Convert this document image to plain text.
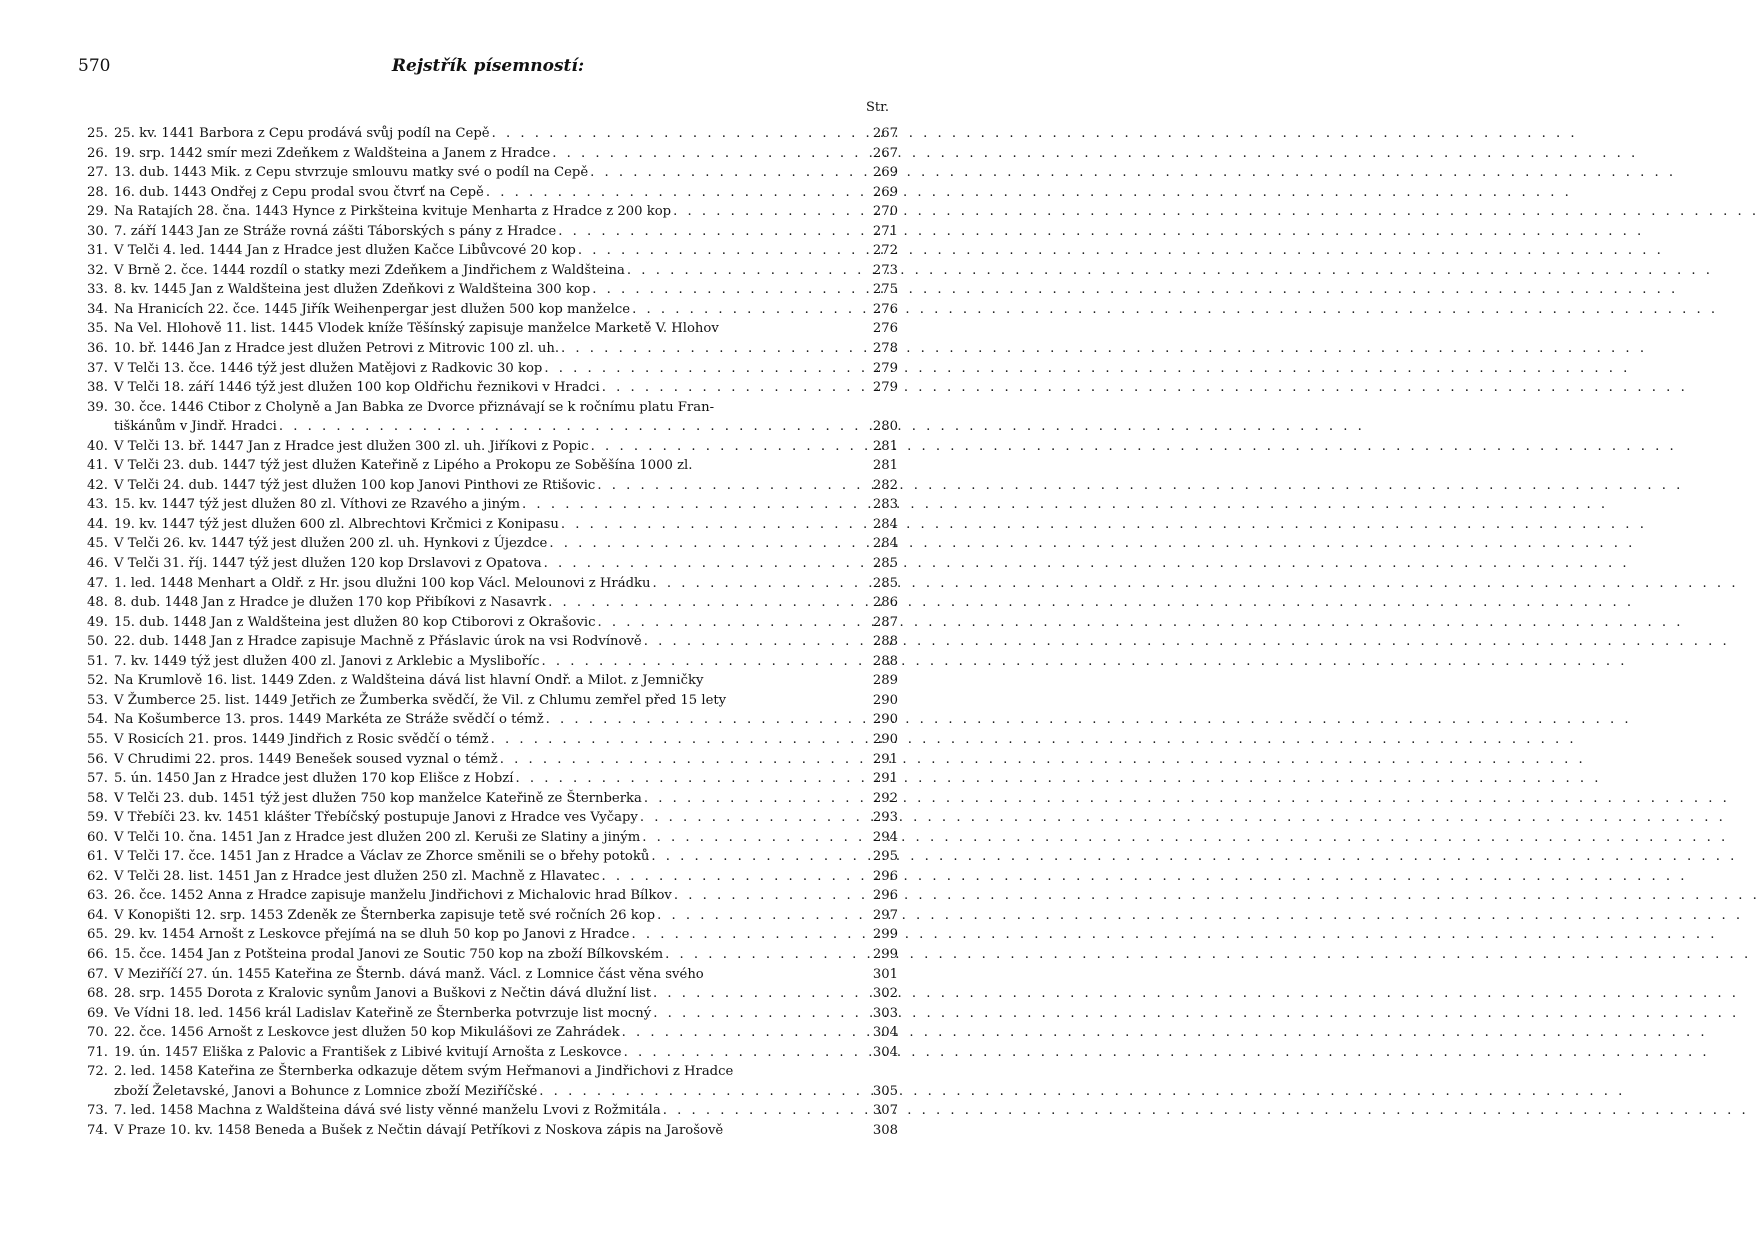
570	Rejstřík písemností:
Str.
25. 25. kv. 1441 Barbora z Cepu prodává svůj podíl na Cepě . . .	267
26. 19. srp. 1442 smír mezi Zdeňkem z Waldšteina a Janem z Hradce . . .	267
27. 13. dub. 1443 Mik. z Cepu stvrzuje smlouvu matky své o podíl na Cepě . . .	269
28. 16. dub. 1443 Ondřej z Cepu prodal svou čtvrť na Cepě . . .	269
29. Na Ratajích 28. čna. 1443 Hynce z Pirkšteina kvituje Menharta z Hradce z 200 kop . . .	270
30. 7. září 1443 Jan ze Stráže rovná zášti Táborských s pány z Hradce . . .	271
31. V Telči 4. led. 1444 Jan z Hradce jest dlužen Kačce Libůvcové 20 kop . . .	272
32. V Brně 2. čce. 1444 rozdíl o statky mezi Zdeňkem a Jindřichem z Waldšteina . . .	273
33. 8. kv. 1445 Jan z Waldšteina jest dlužen Zdeňkovi z Waldšteina 300 kop . . .	275
34. Na Hranicích 22. čce. 1445 Jiřík Weihenpergar jest dlužen 500 kop manželce . . .	276
35. Na Vel. Hlohově 11. list. 1445 Vlodek kníže Těšínský zapisuje manželce Marketě V. Hlohov	276
36. 10. bř. 1446 Jan z Hradce jest dlužen Petrovi z Mitrovic 100 zl. uh. . . .	278
37. V Telči 13. čce. 1446 týž jest dlužen Matějovi z Radkovic 30 kop . . .	279
38. V Telči 18. září 1446 týž jest dlužen 100 kop Oldřichu řeznikovi v Hradci . . .	279
39. 30. čce. 1446 Ctibor z Cholyně a Jan Babka ze Dvorce přiznávají se k ročnímu platu Fran-
tiškánům v Jindř. Hradci . . .	280
40. V Telči 13. bř. 1447 Jan z Hradce jest dlužen 300 zl. uh. Jiříkovi z Popic . . .	281
41. V Telči 23. dub. 1447 týž jest dlužen Kateřině z Lipého a Prokopu ze Soběšína 1000 zl.	281
42. V Telči 24. dub. 1447 týž jest dlužen 100 kop Janovi Pinthovi ze Rtišovic . . .	282
43. 15. kv. 1447 týž jest dlužen 80 zl. Víthovi ze Rzavého a jiným . . .	283
44. 19. kv. 1447 týž jest dlužen 600 zl. Albrechtovi Krčmici z Konipasu . . .	284
45. V Telči 26. kv. 1447 týž jest dlužen 200 zl. uh. Hynkovi z Újezdce . . .	284
46. V Telči 31. říj. 1447 týž jest dlužen 120 kop Drslavovi z Opatova . . .	285
47. 1. led. 1448 Menhart a Oldř. z Hr. jsou dlužni 100 kop Václ. Melounovi z Hrádku . . .	285
48. 8. dub. 1448 Jan z Hradce je dlužen 170 kop Přibíkovi z Nasavrk . . .	286
49. 15. dub. 1448 Jan z Waldšteina jest dlužen 80 kop Ctiborovi z Okrašovic . . .	287
50. 22. dub. 1448 Jan z Hradce zapisuje Machně z Přáslavic úrok na vsi Rodvínově . . .	288
51. 7. kv. 1449 týž jest dlužen 400 zl. Janovi z Arklebic a Mysliboříc . . .	288
52. Na Krumlově 16. list. 1449 Zden. z Waldšteina dává list hlavní Ondř. a Milot. z Jemničky	289
53. V Žumberce 25. list. 1449 Jetřich ze Žumberka svědčí, že Vil. z Chlumu zemřel před 15 lety	290
54. Na Košumberce 13. pros. 1449 Markéta ze Stráže svědčí o témž . . .	290
55. V Rosicích 21. pros. 1449 Jindřich z Rosic svědčí o témž . . .	290
56. V Chrudimi 22. pros. 1449 Benešek soused vyznal o témž . . .	291
57. 5. ún. 1450 Jan z Hradce jest dlužen 170 kop Elišce z Hobzí . . .	291
58. V Telči 23. dub. 1451 týž jest dlužen 750 kop manželce Kateřině ze Šternberka . . .	292
59. V Třebíči 23. kv. 1451 klášter Třebíčský postupuje Janovi z Hradce ves Vyčapy . . .	293
60. V Telči 10. čna. 1451 Jan z Hradce jest dlužen 200 zl. Keruši ze Slatiny a jiným . . .	294
61. V Telči 17. čce. 1451 Jan z Hradce a Václav ze Zhorce směnili se o břehy potoků . . .	295
62. V Telči 28. list. 1451 Jan z Hradce jest dlužen 250 zl. Machně z Hlavatec . . .	296
63. 26. čce. 1452 Anna z Hradce zapisuje manželu Jindřichovi z Michalovic hrad Bílkov . . .	296
64. V Konopišti 12. srp. 1453 Zdeněk ze Šternberka zapisuje tetě své ročních 26 kop . . .	297
65. 29. kv. 1454 Arnošt z Leskovce přejímá na se dluh 50 kop po Janovi z Hradce . . .	299
66. 15. čce. 1454 Jan z Potšteina prodal Janovi ze Soutic 750 kop na zboží Bílkovském . . .	299
67. V Meziříčí 27. ún. 1455 Kateřina ze Šternb. dává manž. Václ. z Lomnice část věna svého	301
68. 28. srp. 1455 Dorota z Kralovic synům Janovi a Buškovi z Nečtin dává dlužní list . . .	302
69. Ve Vídni 18. led. 1456 král Ladislav Kateřině ze Šternberka potvrzuje list mocný . . .	303
70. 22. čce. 1456 Arnošt z Leskovce jest dlužen 50 kop Mikulášovi ze Zahrádek . . .	304
71. 19. ún. 1457 Eliška z Palovic a František z Libivé kvitují Arnošta z Leskovce . . .	304
72. 2. led. 1458 Kateřina ze Šternberka odkazuje dětem svým Heřmanovi a Jindřichovi z Hradce
zboží Želetavské, Janovi a Bohunce z Lomnice zboží Meziříčské . . .	305
73. 7. led. 1458 Machna z Waldšteina dává své listy věnné manželu Lvovi z Rožmitála . . .	307
74. V Praze 10. kv. 1458 Beneda a Bušek z Nečtin dávají Petříkovi z Noskova zápis na Jarošově	308
